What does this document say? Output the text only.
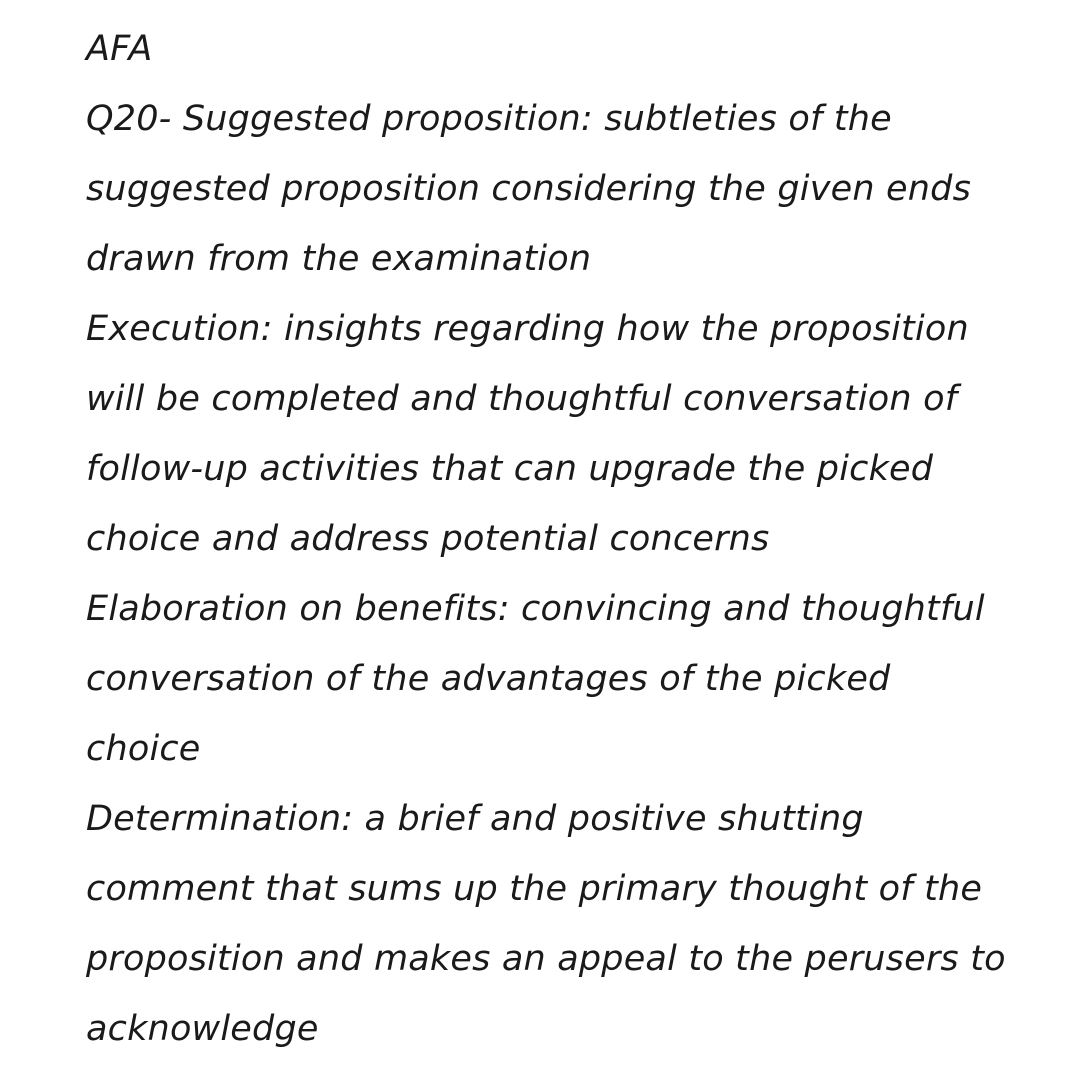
AFA
Q20- Suggested proposition: subtleties of the
suggested proposition considering the given ends
drawn from the examination
Execution: insights regarding how the proposition
will be completed and thoughtful conversation of
follow-up activities that can upgrade the picked
choice and address potential concerns
Elaboration on benefits: convincing and thoughtful
conversation of the advantages of the picked
choice
Determination: a brief and positive shutting
comment that sums up the primary thought of the
proposition and makes an appeal to the perusers to
acknowledge
